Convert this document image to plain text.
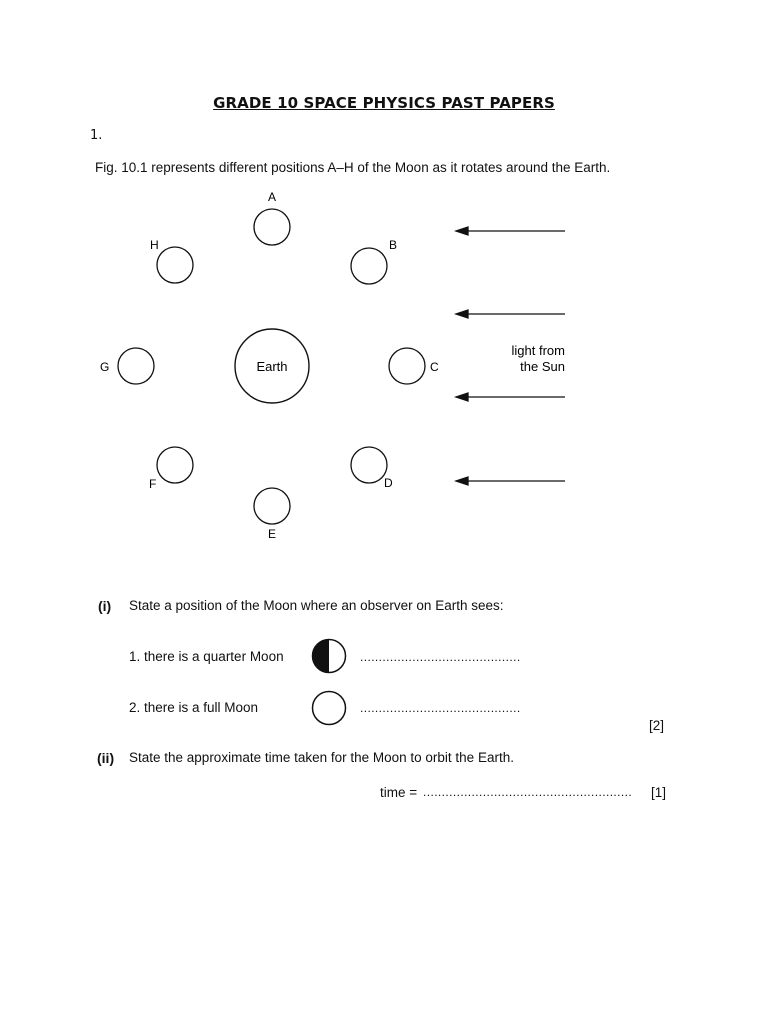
GRADE 10 SPACE PHYSICS PAST PAPERS
1.
Fig. 10.1 represents different positions A–H of the Moon as it rotates around the Earth.
Earth
A
B
C
D
E
F
G
H
light from
the Sun
(i) State a position of the Moon where an observer on Earth sees:
1. there is a quarter Moon	...........................................
2. there is a full Moon	...........................................
[2]
(ii) State the approximate time taken for the Moon to orbit the Earth.
time = ........................................................ [1]
